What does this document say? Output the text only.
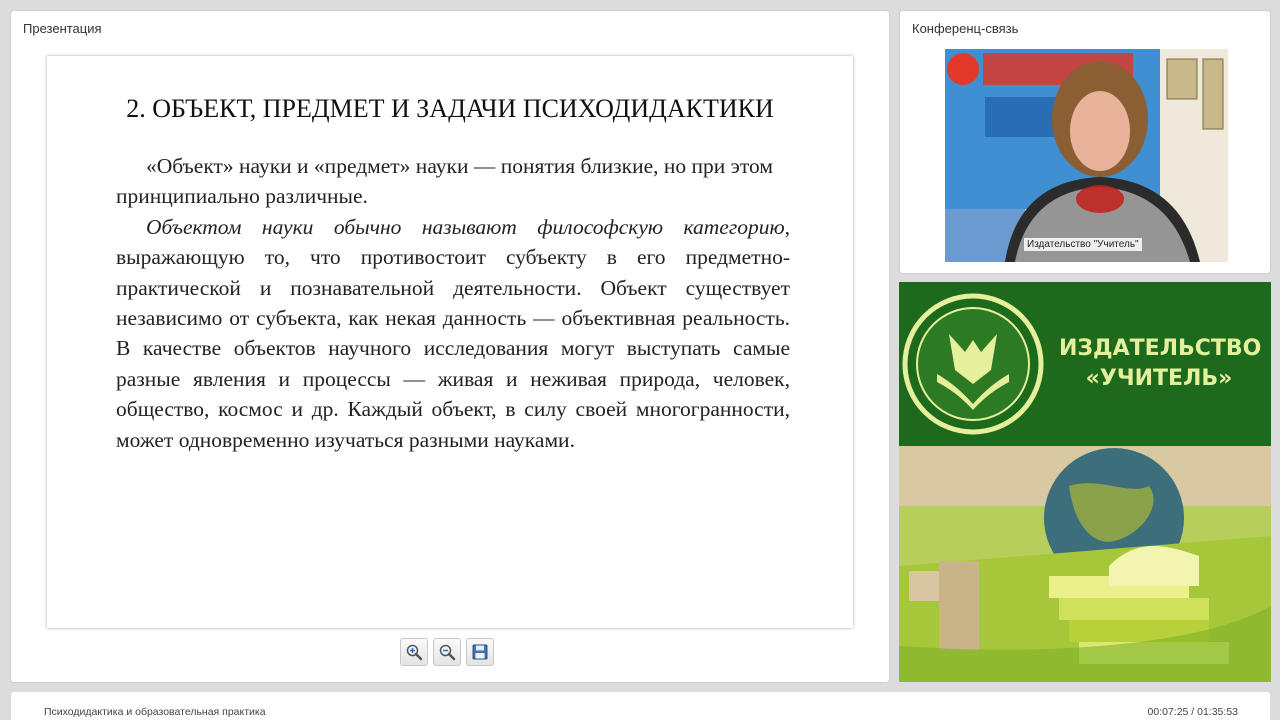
Презентация
2. ОБЪЕКТ, ПРЕДМЕТ И ЗАДАЧИ ПСИХОДИДАКТИКИ

«Объект» науки и «предмет» науки — понятия близкие, но при этом принципиально различные.

Объектом науки обычно называют философскую категорию, выражающую то, что противостоит субъекту в его предметно-практической и познавательной деятельности. Объект существует независимо от субъекта, как некая данность — объективная реальность. В качестве объектов научного исследования могут выступать самые разные явления и процессы — живая и неживая природа, человек, общество, космос и др. Каждый объект, в силу своей многогранности, может одновременно изучаться разными науками.

Конференц-связь
Издательство "Учитель"
ИЗДАТЕЛЬСТВО
«УЧИТЕЛЬ»
Психодидактика и образовательная практика	00:07:25 / 01:35:53
